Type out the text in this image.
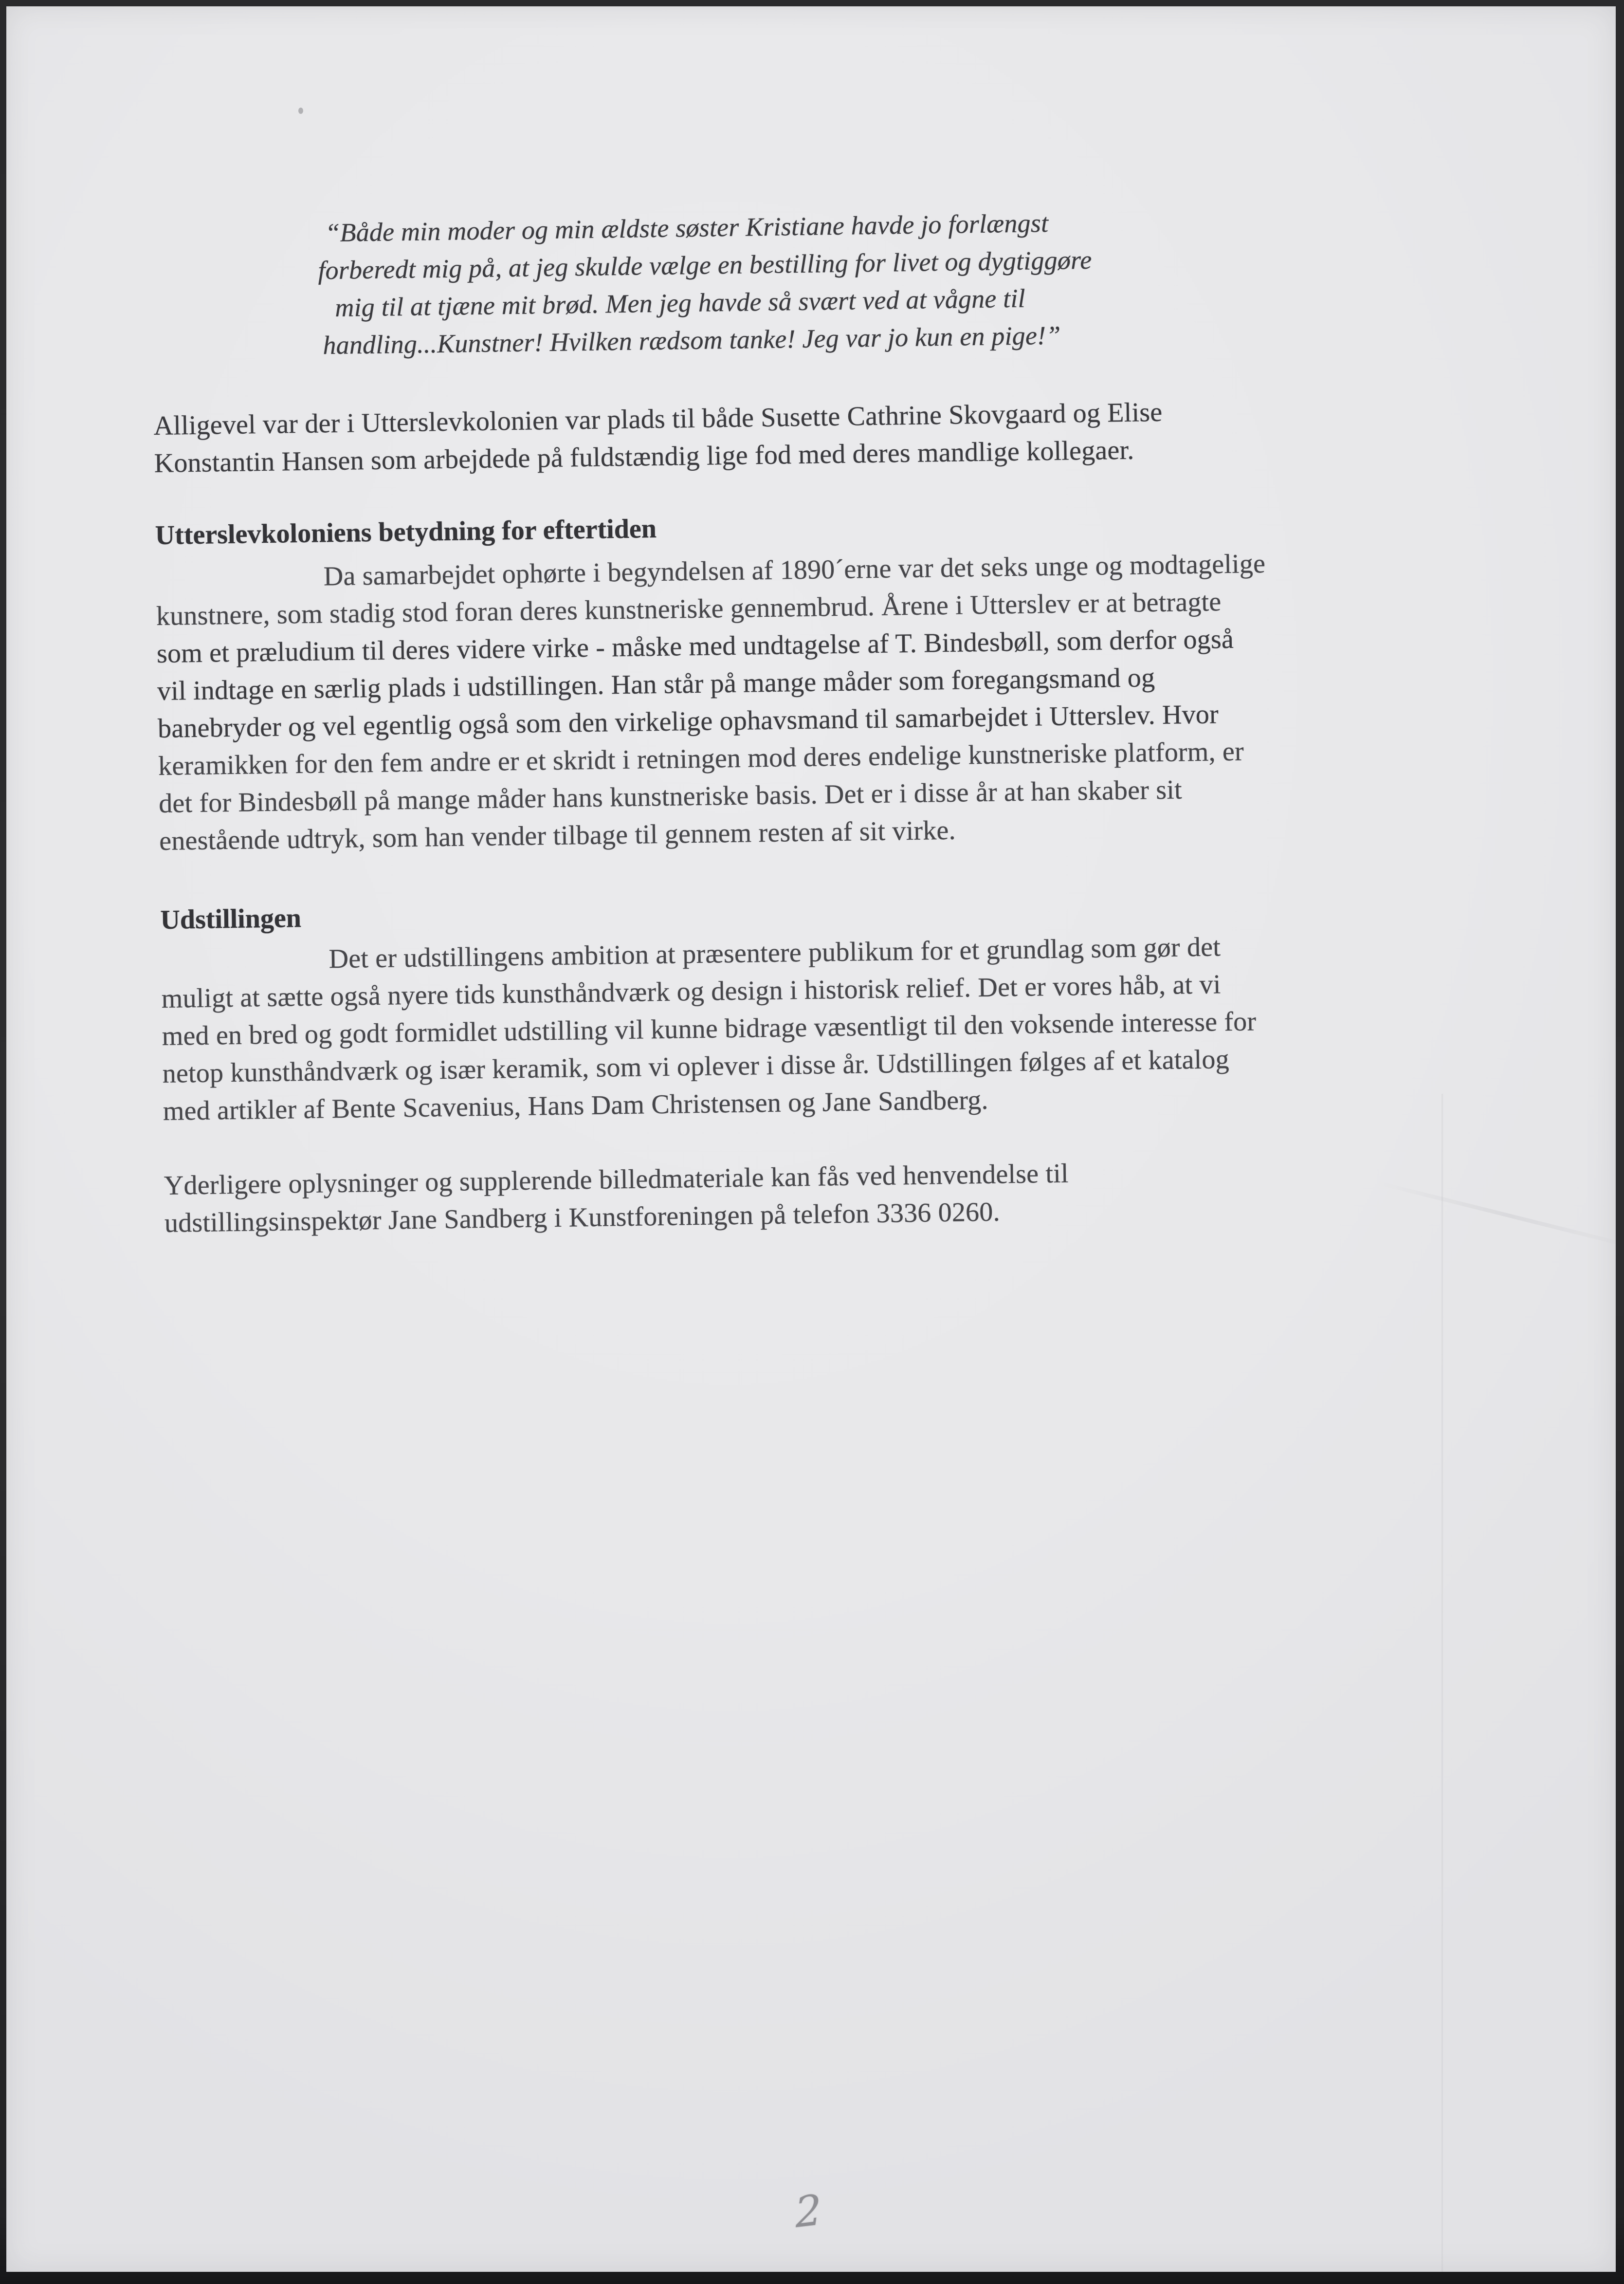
“Både min moder og min ældste søster Kristiane havde jo forlængst
forberedt mig på, at jeg skulde vælge en bestilling for livet og dygtiggøre
mig til at tjæne mit brød. Men jeg havde så svært ved at vågne til
handling...Kunstner! Hvilken rædsom tanke! Jeg var jo kun en pige!”
Alligevel var der i Utterslevkolonien var plads til både Susette Cathrine Skovgaard og Elise
Konstantin Hansen som arbejdede på fuldstændig lige fod med deres mandlige kollegaer.
Utterslevkoloniens betydning for eftertiden
Da samarbejdet ophørte i begyndelsen af 1890´erne var det seks unge og modtagelige
kunstnere, som stadig stod foran deres kunstneriske gennembrud. Årene i Utterslev er at betragte
som et præludium til deres videre virke - måske med undtagelse af T. Bindesbøll, som derfor også
vil indtage en særlig plads i udstillingen. Han står på mange måder som foregangsmand og
banebryder og vel egentlig også som den virkelige ophavsmand til samarbejdet i Utterslev. Hvor
keramikken for den fem andre er et skridt i retningen mod deres endelige kunstneriske platform, er
det for Bindesbøll på mange måder hans kunstneriske basis. Det er i disse år at han skaber sit
enestående udtryk, som han vender tilbage til gennem resten af sit virke.
Udstillingen
Det er udstillingens ambition at præsentere publikum for et grundlag som gør det
muligt at sætte også nyere tids kunsthåndværk og design i historisk relief. Det er vores håb, at vi
med en bred og godt formidlet udstilling vil kunne bidrage væsentligt til den voksende interesse for
netop kunsthåndværk og især keramik, som vi oplever i disse år. Udstillingen følges af et katalog
med artikler af Bente Scavenius, Hans Dam Christensen og Jane Sandberg.
Yderligere oplysninger og supplerende billedmateriale kan fås ved henvendelse til
udstillingsinspektør Jane Sandberg i Kunstforeningen på telefon 3336 0260.
2
